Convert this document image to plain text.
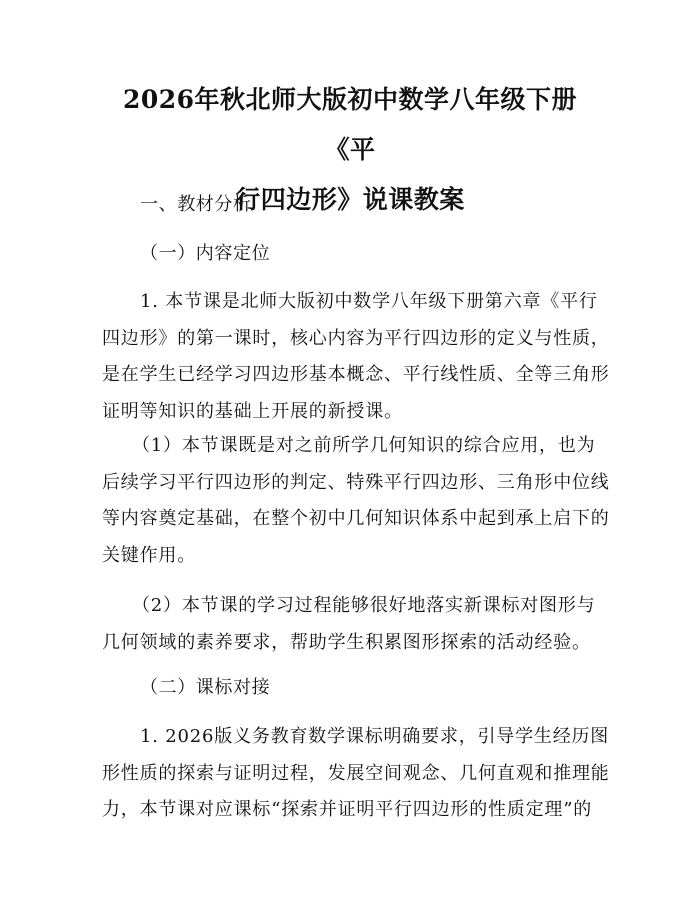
2026年秋北师大版初中数学八年级下册《平
行四边形》说课教案
一、教材分析
（一）内容定位
1. 本节课是北师大版初中数学八年级下册第六章《平行
四边形》的第一课时，核心内容为平行四边形的定义与性质，
是在学生已经学习四边形基本概念、平行线性质、全等三角形
证明等知识的基础上开展的新授课。
（1）本节课既是对之前所学几何知识的综合应用，也为
后续学习平行四边形的判定、特殊平行四边形、三角形中位线
等内容奠定基础，在整个初中几何知识体系中起到承上启下的
关键作用。
（2）本节课的学习过程能够很好地落实新课标对图形与
几何领域的素养要求，帮助学生积累图形探索的活动经验。
（二）课标对接
1. 2026版义务教育数学课标明确要求，引导学生经历图
形性质的探索与证明过程，发展空间观念、几何直观和推理能
力，本节课对应课标“探索并证明平行四边形的性质定理”的
